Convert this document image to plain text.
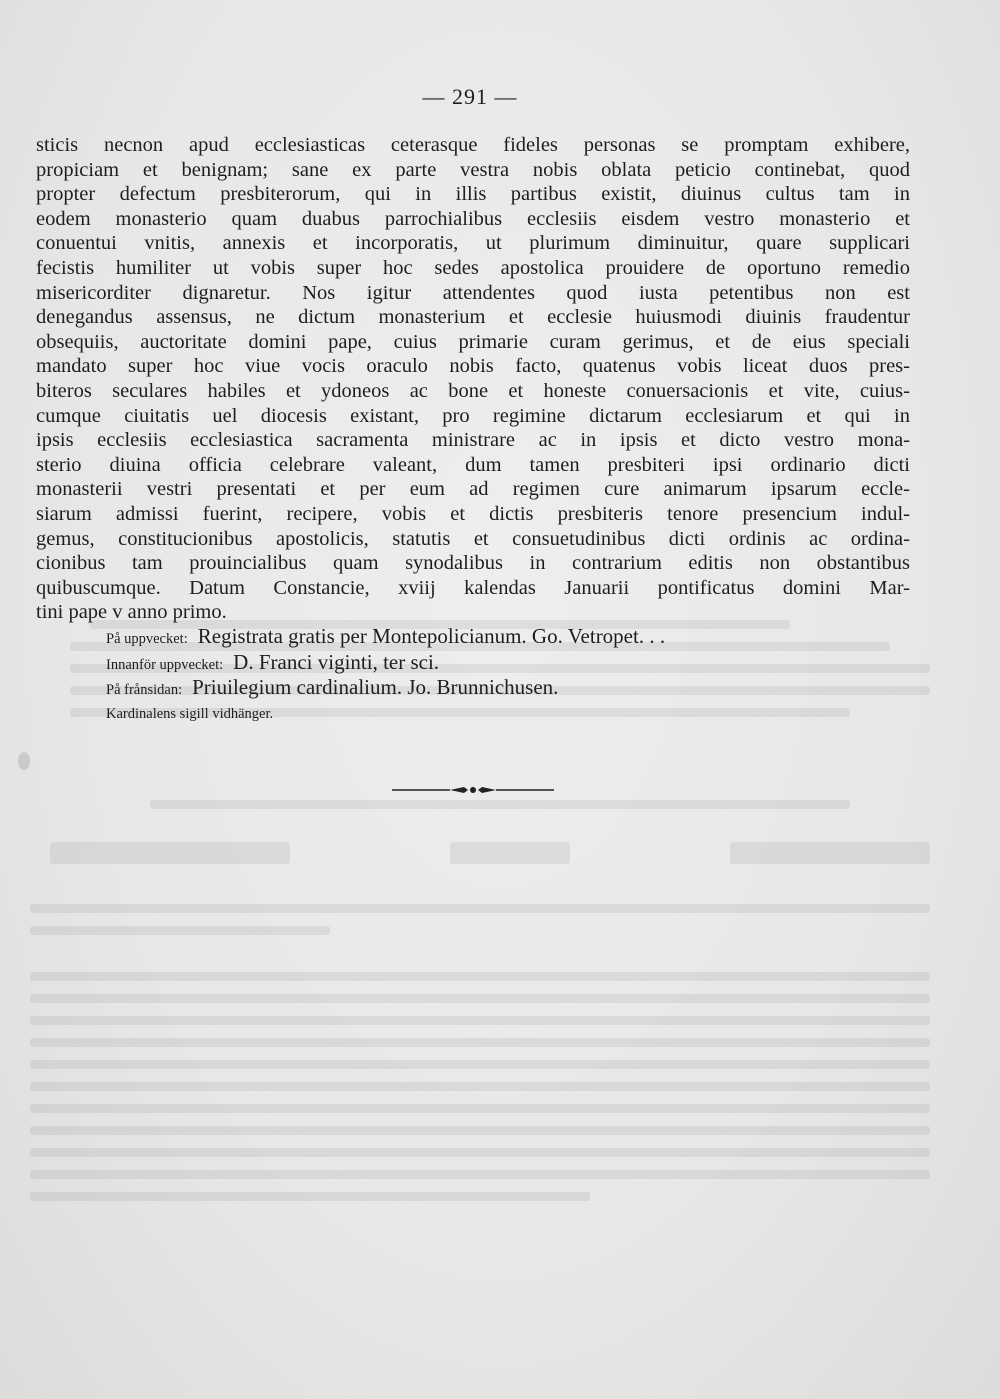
— 291 —
sticis necnon apud ecclesiasticas ceterasque fideles personas se promptam exhibere,
propiciam et benignam; sane ex parte vestra nobis oblata peticio continebat, quod
propter defectum presbiterorum, qui in illis partibus existit, diuinus cultus tam in
eodem monasterio quam duabus parrochialibus ecclesiis eisdem vestro monasterio et
conuentui vnitis, annexis et incorporatis, ut plurimum diminuitur, quare supplicari
fecistis humiliter ut vobis super hoc sedes apostolica prouidere de oportuno remedio
misericorditer dignaretur. Nos igitur attendentes quod iusta petentibus non est
denegandus assensus, ne dictum monasterium et ecclesie huiusmodi diuinis fraudentur
obsequiis, auctoritate domini pape, cuius primarie curam gerimus, et de eius speciali
mandato super hoc viue vocis oraculo nobis facto, quatenus vobis liceat duos pres-
biteros seculares habiles et ydoneos ac bone et honeste conuersacionis et vite, cuius-
cumque ciuitatis uel diocesis existant, pro regimine dictarum ecclesiarum et qui in
ipsis ecclesiis ecclesiastica sacramenta ministrare ac in ipsis et dicto vestro mona-
sterio diuina officia celebrare valeant, dum tamen presbiteri ipsi ordinario dicti
monasterii vestri presentati et per eum ad regimen cure animarum ipsarum eccle-
siarum admissi fuerint, recipere, vobis et dictis presbiteris tenore presencium indul-
gemus, constitucionibus apostolicis, statutis et consuetudinibus dicti ordinis ac ordina-
cionibus tam prouincialibus quam synodalibus in contrarium editis non obstantibus
quibuscumque. Datum Constancie, xviij kalendas Januarii pontificatus domini Mar-
tini pape v anno primo.
På uppvecket: Registrata gratis per Montepolicianum. Go. Vetropet. . .
Innanför uppvecket: D. Franci viginti, ter sci.
På frånsidan: Priuilegium cardinalium. Jo. Brunnichusen.
Kardinalens sigill vidhänger.
